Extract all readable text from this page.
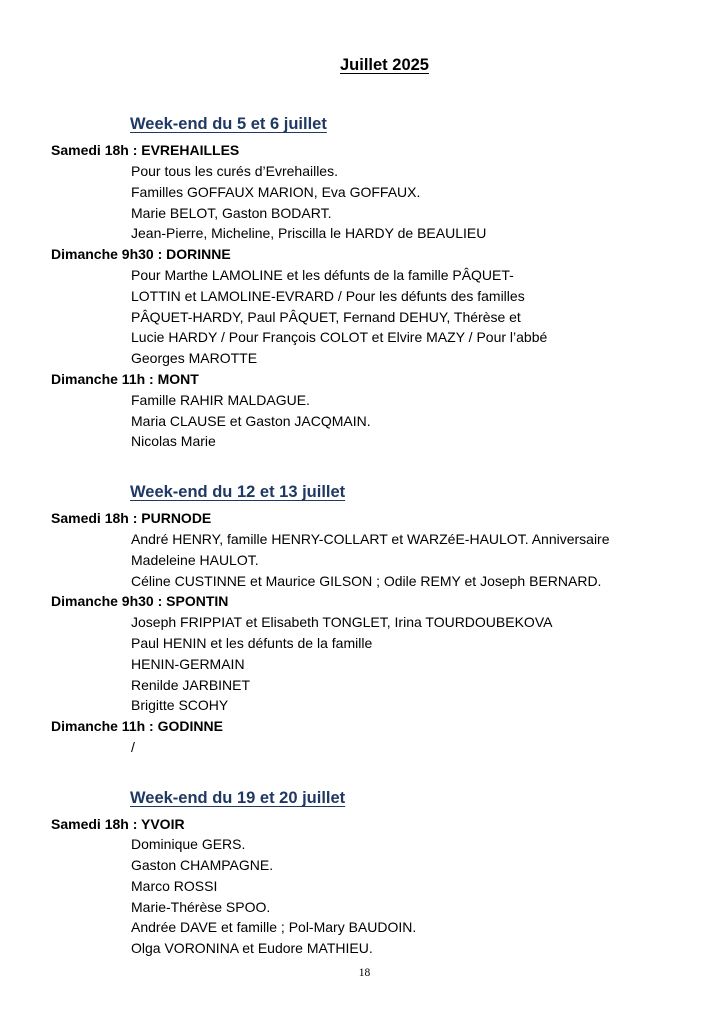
Juillet 2025
Week-end du 5 et 6 juillet
Samedi 18h : EVREHAILLES
Pour tous les curés d’Evrehailles.
Familles GOFFAUX MARION, Eva GOFFAUX.
Marie BELOT, Gaston BODART.
Jean-Pierre, Micheline, Priscilla le HARDY de BEAULIEU
Dimanche 9h30 : DORINNE
Pour Marthe LAMOLINE et les défunts de la famille PÂQUET-
LOTTIN et LAMOLINE-EVRARD / Pour les défunts des familles
PÂQUET-HARDY, Paul PÂQUET, Fernand DEHUY, Thérèse et
Lucie HARDY / Pour François COLOT et Elvire MAZY / Pour l’abbé
Georges MAROTTE
Dimanche 11h : MONT
Famille RAHIR MALDAGUE.
Maria CLAUSE et Gaston JACQMAIN.
Nicolas Marie
Week-end du 12 et 13 juillet
Samedi 18h : PURNODE
André HENRY, famille HENRY-COLLART et WARZéE-HAULOT. Anniversaire
Madeleine HAULOT.
Céline CUSTINNE et Maurice GILSON ; Odile REMY et Joseph BERNARD.
Dimanche 9h30 : SPONTIN
Joseph FRIPPIAT et Elisabeth TONGLET, Irina TOURDOUBEKOVA
Paul HENIN et les défunts de la famille
HENIN-GERMAIN
Renilde JARBINET
Brigitte SCOHY
Dimanche 11h : GODINNE
/
Week-end du 19 et 20 juillet
Samedi 18h : YVOIR
Dominique GERS.
Gaston CHAMPAGNE.
Marco ROSSI
Marie-Thérèse SPOO.
Andrée DAVE et famille ; Pol-Mary BAUDOIN.
Olga VORONINA et Eudore MATHIEU.
18
